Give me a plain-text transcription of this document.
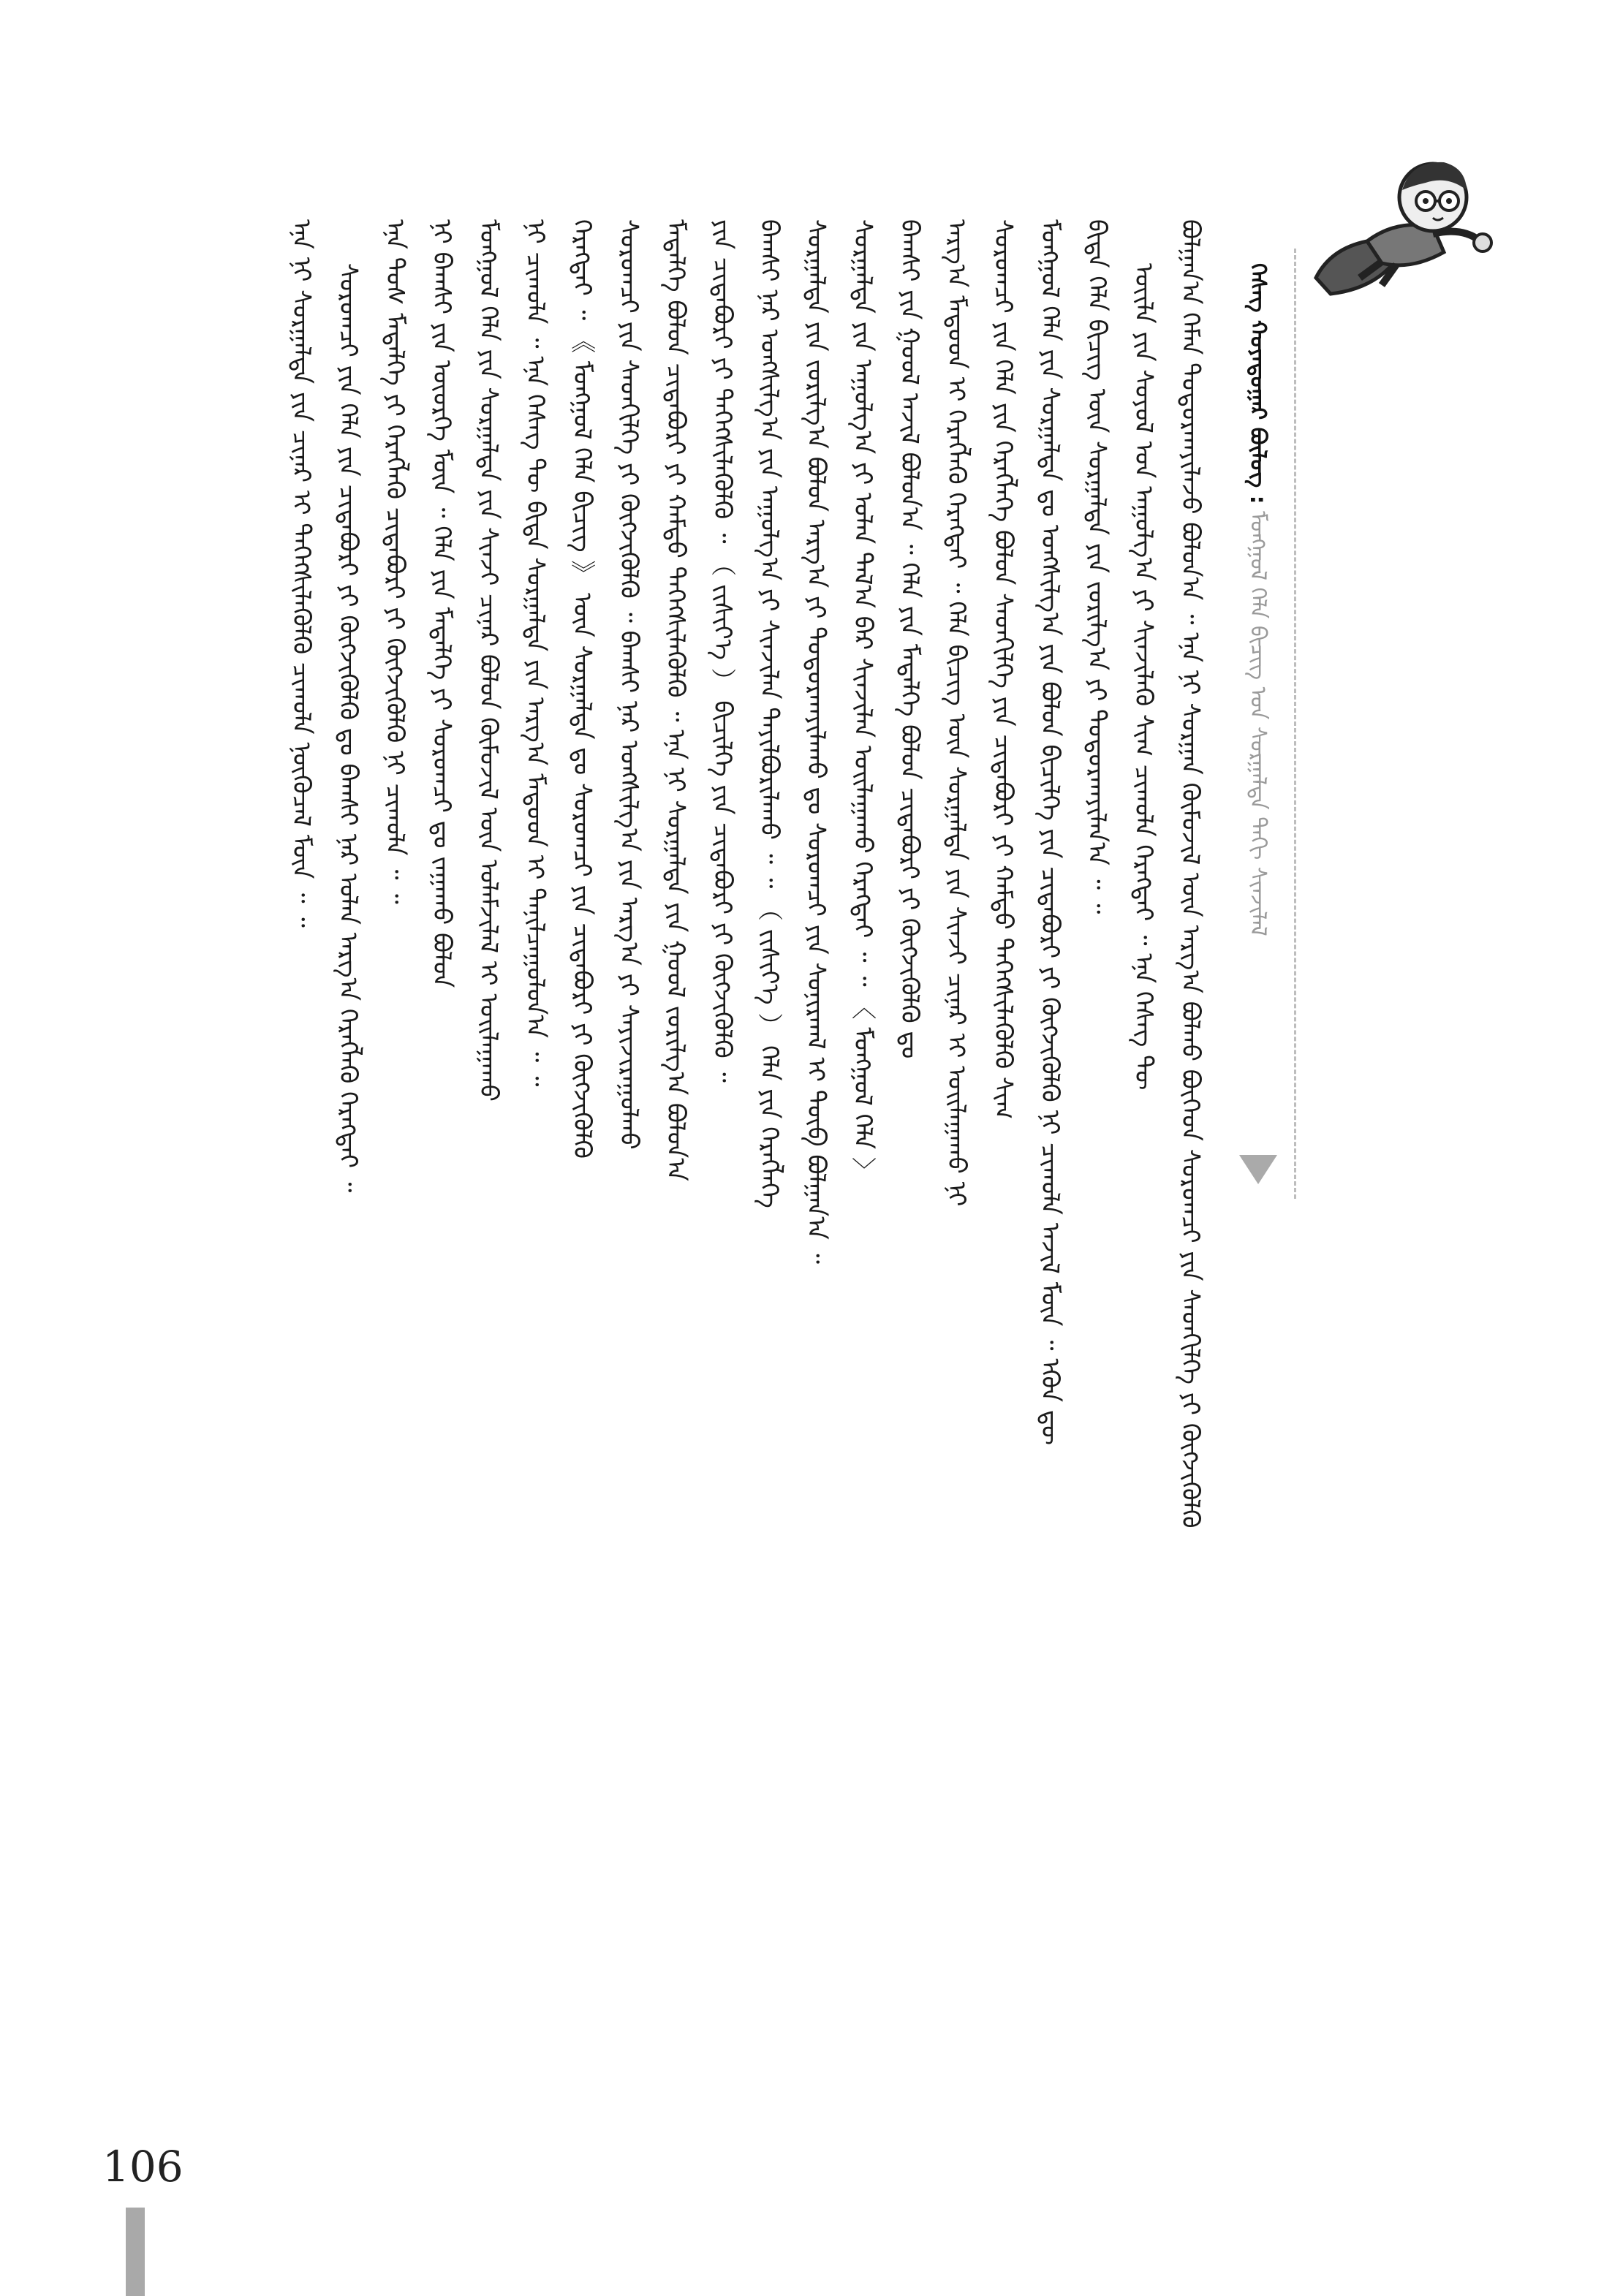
ᠬᠡᠰᠡᠭ ᠬᠣᠶᠠᠳᠤᠭᠠᠷ ᠪᠦᠯᠦᠭ : ᠮᠣᠩᠭᠣᠯ ᠬᠡᠯᠡ ᠪᠢᠴᠢᠭ ᠤᠨ ᠰᠤᠷᠭᠠᠯᠲᠠ ᠳᠠᠬᠢ ᠰᠢᠨᠵᠢᠯᠡᠯ
ᠪᠣᠯᠭᠠᠨ᠎ᠠ ᠬᠡᠮᠡᠨ ᠲᠣᠳᠣᠷᠬᠠᠶᠢᠯᠠᠵᠤ ᠪᠣᠯᠣᠨ᠎ᠠ ᠃ ᠡᠨᠡ ᠨᠢ ᠰᠤᠷᠭᠠᠨ ᠬᠦᠮᠦᠵᠢᠯ ᠦᠨ ᠠᠷᠭ᠎ᠠ ᠪᠣᠯᠬᠤ ᠪᠥᠭᠡᠳ ᠰᠤᠷᠤᠭᠴᠢ ᠶᠢᠨ ᠰᠡᠳᠬᠢᠯᠭᠡ ᠶᠢ ᠬᠥᠭᠵᠢᠭᠦᠯᠬᠦ
ᠦᠢᠯᠡ ᠶᠢᠨ ᠰᠣᠶᠣᠯ ᠤᠨ ᠠᠭᠤᠯᠭ᠎ᠠ ᠶᠢ ᠰᠢᠨᠵᠢᠯᠡᠬᠦ ᠰᠢᠭ᠋ ᠴᠢᠬᠤᠯᠠ ᠬᠡᠷᠡᠭᠲᠡᠢ ᠃ ᠡᠨᠡ ᠬᠡᠰᠡᠭ ᠲᠦ
ᠪᠢᠳᠡ ᠬᠡᠯᠡ ᠪᠢᠴᠢᠭ ᠦᠨ ᠰᠤᠷᠭᠠᠯᠲᠠ ᠶᠢᠨ ᠵᠣᠷᠢᠯᠭ᠎ᠠ ᠶᠢ ᠲᠣᠳᠣᠷᠬᠠᠶᠢᠯᠠᠨ᠎ᠠ ᠃ ᠃
ᠮᠣᠩᠭᠣᠯ ᠬᠡᠯᠡ ᠶᠢᠨ ᠰᠤᠷᠭᠠᠯᠲᠠ ᠳᠤ ᠤᠩᠰᠢᠯᠭ᠎ᠠ ᠶᠢᠨ ᠪᠣᠯᠣᠨ ᠪᠢᠴᠢᠯᠭᠡ ᠶᠢᠨ ᠴᠢᠳᠠᠪᠤᠷᠢ ᠶᠢ ᠬᠥᠭᠵᠢᠭᠦᠯᠬᠦ ᠨᠢ ᠴᠢᠬᠤᠯᠠ ᠠᠵᠢᠯ ᠮᠥᠨ ᠃ ᠡᠭᠦᠨ ᠳᠦ
ᠰᠤᠷᠤᠭᠴᠢ ᠶᠢᠨ ᠬᠡᠯᠡ ᠶᠢᠨ ᠬᠡᠷᠡᠭᠯᠡᠭᠡ ᠪᠣᠯᠣᠨ ᠰᠡᠳᠬᠢᠯᠭᠡ ᠶᠢᠨ ᠴᠢᠳᠠᠪᠤᠷᠢ ᠶᠢ ᠬᠠᠮᠲᠤ ᠳᠡᠭᠡᠭᠰᠢᠯᠡᠭᠦᠯᠬᠦ ᠰᠢᠭ᠋
ᠠᠷᠭ᠎ᠠ ᠮᠡᠲᠣᠳ ᠢ ᠬᠡᠷᠡᠭᠯᠡᠬᠦ ᠬᠡᠷᠡᠭᠲᠡᠢ ᠃ ᠬᠡᠯᠡ ᠪᠢᠴᠢᠭ ᠦᠨ ᠰᠤᠷᠭᠠᠯᠲᠠ ᠶᠢᠨ ᠰᠢᠨᠵᠢ ᠴᠢᠨᠠᠷ ᠢ ᠣᠢᠯᠠᠭᠠᠬᠤ ᠨᠢ
ᠪᠠᠭᠰᠢ ᠶᠢᠨ ᠭᠣᠣᠯ ᠠᠵᠢᠯ ᠪᠣᠯᠣᠨ᠎ᠠ ᠃ ᠬᠡᠯᠡ ᠶᠢᠨ ᠮᠡᠳᠡᠯᠭᠡ ᠪᠣᠯᠣᠨ ᠴᠢᠳᠠᠪᠤᠷᠢ ᠶᠢ ᠬᠥᠭᠵᠢᠭᠦᠯᠬᠦ ᠳᠤ
ᠰᠤᠷᠭᠠᠯᠲᠠ ᠶᠢᠨ ᠠᠭᠤᠯᠭ᠎ᠠ ᠶᠢ ᠣᠯᠠᠨ ᠲᠠᠯ᠎ᠠ ᠪᠠᠷ ᠰᠢᠨᠵᠢᠯᠡᠨ ᠣᠢᠯᠠᠭᠠᠬᠤ ᠬᠡᠷᠡᠭᠲᠡᠢ ᠃ ᠃ 〈 ᠮᠣᠩᠭᠣᠯ ᠬᠡᠯᠡ 〉
ᠰᠤᠷᠭᠠᠯᠲᠠ ᠶᠢᠨ ᠵᠣᠷᠢᠯᠭ᠎ᠠ ᠪᠣᠯᠣᠨ ᠠᠷᠭ᠎ᠠ ᠶᠢ ᠲᠣᠳᠣᠷᠬᠠᠶᠢᠯᠠᠬᠤ ᠳᠤ ᠰᠤᠷᠤᠭᠴᠢ ᠶᠢᠨ ᠰᠣᠨᠢᠷᠬᠠᠯ ᠢ ᠲᠥᠪ ᠪᠣᠯᠭᠠᠨ᠎ᠠ ᠃
ᠪᠠᠭᠰᠢ ᠨᠠᠷ ᠤᠩᠰᠢᠯᠭ᠎ᠠ ᠶᠢᠨ ᠠᠭᠤᠯᠭ᠎ᠠ ᠶᠢ ᠰᠢᠨᠵᠢᠯᠡᠨ ᠲᠠᠶᠢᠯᠪᠤᠷᠢᠯᠠᠬᠤ ᠃ ᠃ （ ᠵᠢᠱᠢᠶ᠎ᠡ ） ᠬᠡᠯᠡ ᠶᠢᠨ ᠬᠡᠷᠡᠭᠯᠡᠭᠡ
ᠶᠢᠨ ᠴᠢᠳᠠᠪᠤᠷᠢ ᠶᠢ ᠳᠡᠭᠡᠭᠰᠢᠯᠡᠭᠦᠯᠬᠦ ᠃ （ ᠵᠢᠱᠢᠶ᠎ᠡ ） ᠪᠢᠴᠢᠯᠭᠡ ᠶᠢᠨ ᠴᠢᠳᠠᠪᠤᠷᠢ ᠶᠢ ᠬᠥᠭᠵᠢᠭᠦᠯᠬᠦ ᠃
ᠮᠡᠳᠡᠯᠭᠡ ᠪᠣᠯᠣᠨ ᠴᠢᠳᠠᠪᠤᠷᠢ ᠶᠢ ᠬᠠᠮᠲᠤ ᠳᠡᠭᠡᠭᠰᠢᠯᠡᠭᠦᠯᠬᠦ ᠃ ᠡᠨᠡ ᠨᠢ ᠰᠤᠷᠭᠠᠯᠲᠠ ᠶᠢᠨ ᠭᠣᠣᠯ ᠵᠣᠷᠢᠯᠭ᠎ᠠ ᠪᠣᠯᠣᠨ᠎ᠠ
ᠰᠤᠷᠤᠭᠴᠢ ᠶᠢᠨ ᠰᠡᠳᠬᠢᠯᠭᠡ ᠶᠢ ᠬᠥᠭᠵᠢᠭᠦᠯᠬᠦ ᠃ ᠪᠠᠭᠰᠢ ᠨᠠᠷ ᠤᠩᠰᠢᠯᠭ᠎ᠠ ᠶᠢᠨ ᠠᠷᠭ᠎ᠠ ᠶᠢ ᠰᠠᠶᠢᠵᠢᠷᠠᠭᠤᠯᠬᠤ
ᠬᠡᠷᠡᠭᠲᠡᠢ ᠃ 《 ᠮᠣᠩᠭᠣᠯ ᠬᠡᠯᠡ ᠪᠢᠴᠢᠭ 》 ᠦᠨ ᠰᠤᠷᠭᠠᠯᠲᠠ ᠳᠤ ᠰᠤᠷᠤᠭᠴᠢ ᠶᠢᠨ ᠴᠢᠳᠠᠪᠤᠷᠢ ᠶᠢ ᠬᠥᠭᠵᠢᠭᠦᠯᠬᠦ
ᠨᠢ ᠴᠢᠬᠤᠯᠠ ᠃ ᠡᠨᠡ ᠬᠡᠰᠡᠭ ᠲᠦ ᠪᠢᠳᠡ ᠰᠤᠷᠭᠠᠯᠲᠠ ᠶᠢᠨ ᠠᠷᠭ᠎ᠠ ᠮᠡᠲᠣᠳ ᠢ ᠲᠠᠨᠢᠯᠴᠠᠭᠤᠯᠤᠨ᠎ᠠ ᠃ ᠃
ᠮᠣᠩᠭᠣᠯ ᠬᠡᠯᠡ ᠶᠢᠨ ᠰᠤᠷᠭᠠᠯᠲᠠ ᠶᠢᠨ ᠰᠢᠨᠵᠢ ᠴᠢᠨᠠᠷ ᠪᠣᠯᠣᠨ ᠬᠦᠮᠦᠵᠢᠯ ᠦᠨ ᠤᠯᠠᠮᠵᠢᠯᠠᠯ ᠢ ᠣᠢᠯᠠᠭᠠᠬᠤ
ᠨᠢ ᠪᠠᠭᠰᠢ ᠶᠢᠨ ᠦᠦᠷᠭᠡ ᠮᠥᠨ ᠃ ᠬᠡᠯᠡ ᠶᠢᠨ ᠮᠡᠳᠡᠯᠭᠡ ᠶᠢ ᠰᠤᠷᠤᠭᠴᠢ ᠳᠤ ᠵᠠᠭᠠᠬᠤ ᠪᠣᠯᠣᠨ
ᠡᠨᠡ ᠲᠤᠰ ᠮᠡᠳᠡᠯᠭᠡ ᠶᠢ ᠬᠡᠷᠡᠭᠯᠡᠬᠦ ᠴᠢᠳᠠᠪᠤᠷᠢ ᠶᠢ ᠬᠥᠭᠵᠢᠭᠦᠯᠬᠦ ᠨᠢ ᠴᠢᠬᠤᠯᠠ ᠃ ᠃
ᠰᠤᠷᠤᠭᠴᠢ ᠶᠢᠨ ᠬᠡᠯᠡ ᠶᠢᠨ ᠴᠢᠳᠠᠪᠤᠷᠢ ᠶᠢ ᠬᠥᠭᠵᠢᠭᠦᠯᠬᠦ ᠳᠤ ᠪᠠᠭᠰᠢ ᠨᠠᠷ ᠣᠯᠠᠨ ᠠᠷᠭ᠎ᠠ ᠬᠡᠷᠡᠭᠯᠡᠬᠦ ᠬᠡᠷᠡᠭᠲᠡᠢ ᠃
ᠡᠨᠡ ᠨᠢ ᠰᠤᠷᠭᠠᠯᠲᠠ ᠶᠢᠨ ᠴᠢᠨᠠᠷ ᠢ ᠳᠡᠭᠡᠭᠰᠢᠯᠡᠭᠦᠯᠬᠦ ᠴᠢᠬᠤᠯᠠ ᠨᠥᠬᠥᠴᠡᠯ ᠮᠥᠨ ᠃ ᠃
106
